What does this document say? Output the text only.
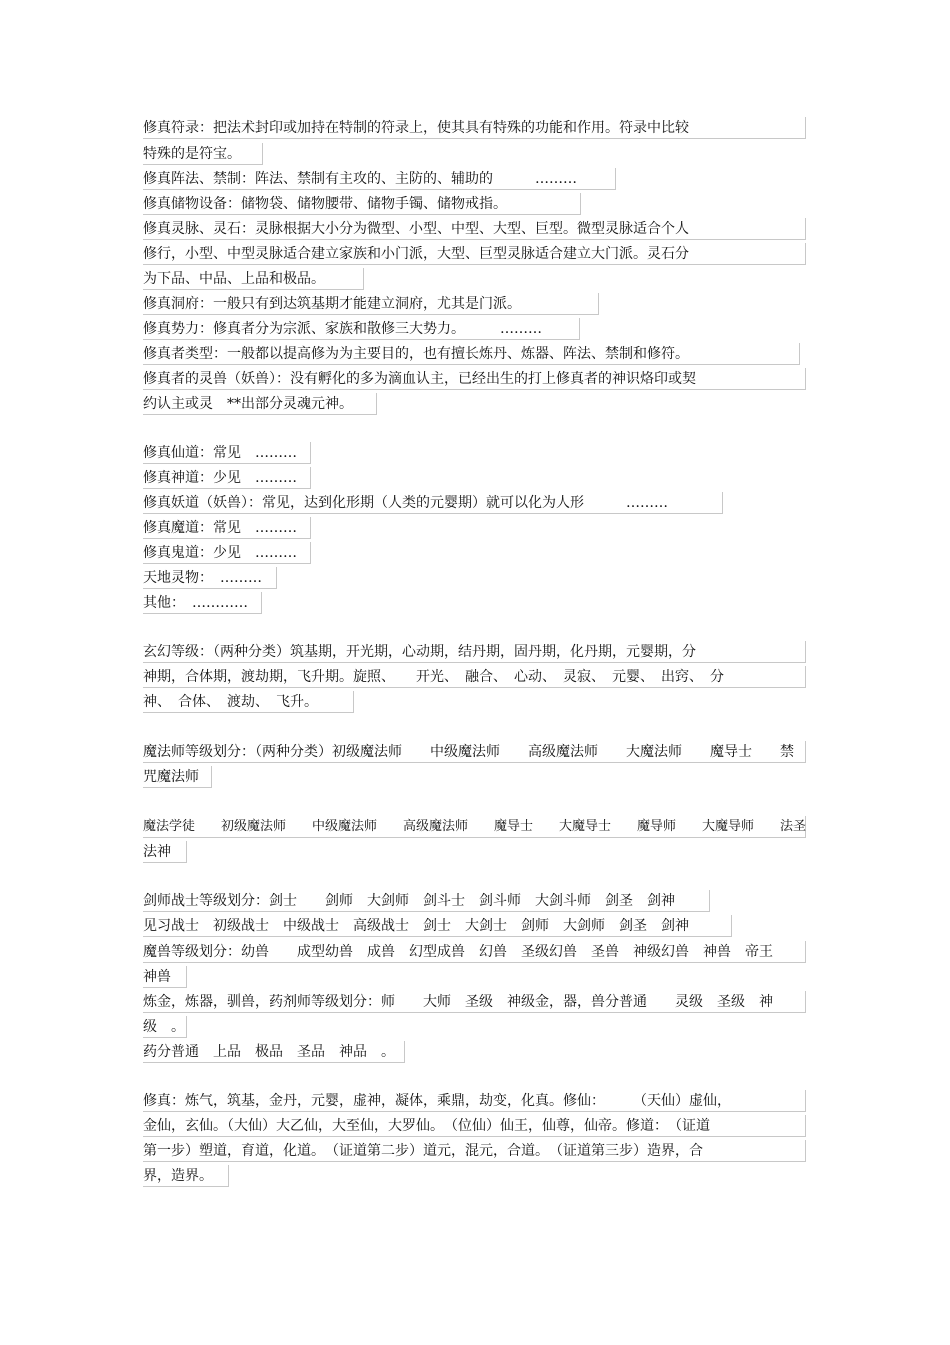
修真符录：把法术封印或加持在特制的符录上，使其具有特殊的功能和作用。符录中比较
特殊的是符宝。
修真阵法、禁制：阵法、禁制有主攻的、主防的、辅助的　　　………
修真储物设备：储物袋、储物腰带、储物手镯、储物戒指。
修真灵脉、灵石：灵脉根据大小分为微型、小型、中型、大型、巨型。微型灵脉适合个人
修行，小型、中型灵脉适合建立家族和小门派，大型、巨型灵脉适合建立大门派。灵石分
为下品、中品、上品和极品。
修真洞府：一般只有到达筑基期才能建立洞府，尤其是门派。
修真势力：修真者分为宗派、家族和散修三大势力。　　　………
修真者类型：一般都以提高修为为主要目的，也有擅长炼丹、炼器、阵法、禁制和修符。
修真者的灵兽（妖兽）：没有孵化的多为滴血认主，已经出生的打上修真者的神识烙印或契
约认主或灵　**出部分灵魂元神。
修真仙道：常见　………
修真神道：少见　………
修真妖道（妖兽）：常见，达到化形期（人类的元婴期）就可以化为人形　　　………
修真魔道：常见　………
修真鬼道：少见　………
天地灵物：　………
其他：　…………
玄幻等级：（两种分类）筑基期，开光期，心动期，结丹期，固丹期，化丹期，元婴期，分
神期，合体期，渡劫期，飞升期。旋照、　　开光、　融合、　心动、　灵寂、　元婴、　出窍、　分
神、　合体、　渡劫、　飞升。
魔法师等级划分：（两种分类）初级魔法师　　中级魔法师　　高级魔法师　　大魔法师　　魔导士　　禁
咒魔法师
魔法学徒　　初级魔法师　　中级魔法师　　高级魔法师　　魔导士　　大魔导士　　魔导师　　大魔导师　　法圣
法神
剑师战士等级划分：剑士　　剑师　大剑师　剑斗士　剑斗师　大剑斗师　剑圣　剑神
见习战士　初级战士　中级战士　高级战士　剑士　大剑士　剑师　大剑师　剑圣　剑神
魔兽等级划分：幼兽　　成型幼兽　成兽　幻型成兽　幻兽　圣级幻兽　圣兽　神级幻兽　神兽　帝王
神兽
炼金，炼器，驯兽，药剂师等级划分：师　　大师　圣级　神级金，器，兽分普通　　灵级　圣级　神
级　。
药分普通　上品　极品　圣品　神品　。
修真：炼气，筑基，金丹，元婴，虚神，凝体，乘鼎，劫变，化真。修仙：　　　（天仙）虚仙，
金仙，玄仙。（大仙）大乙仙，大至仙，大罗仙。　（位仙）仙王，仙尊，仙帝。修道：　（证道
第一步）塑道，育道，化道。　（证道第二步）道元，混元，合道。　（证道第三步）造界，合
界，造界。
